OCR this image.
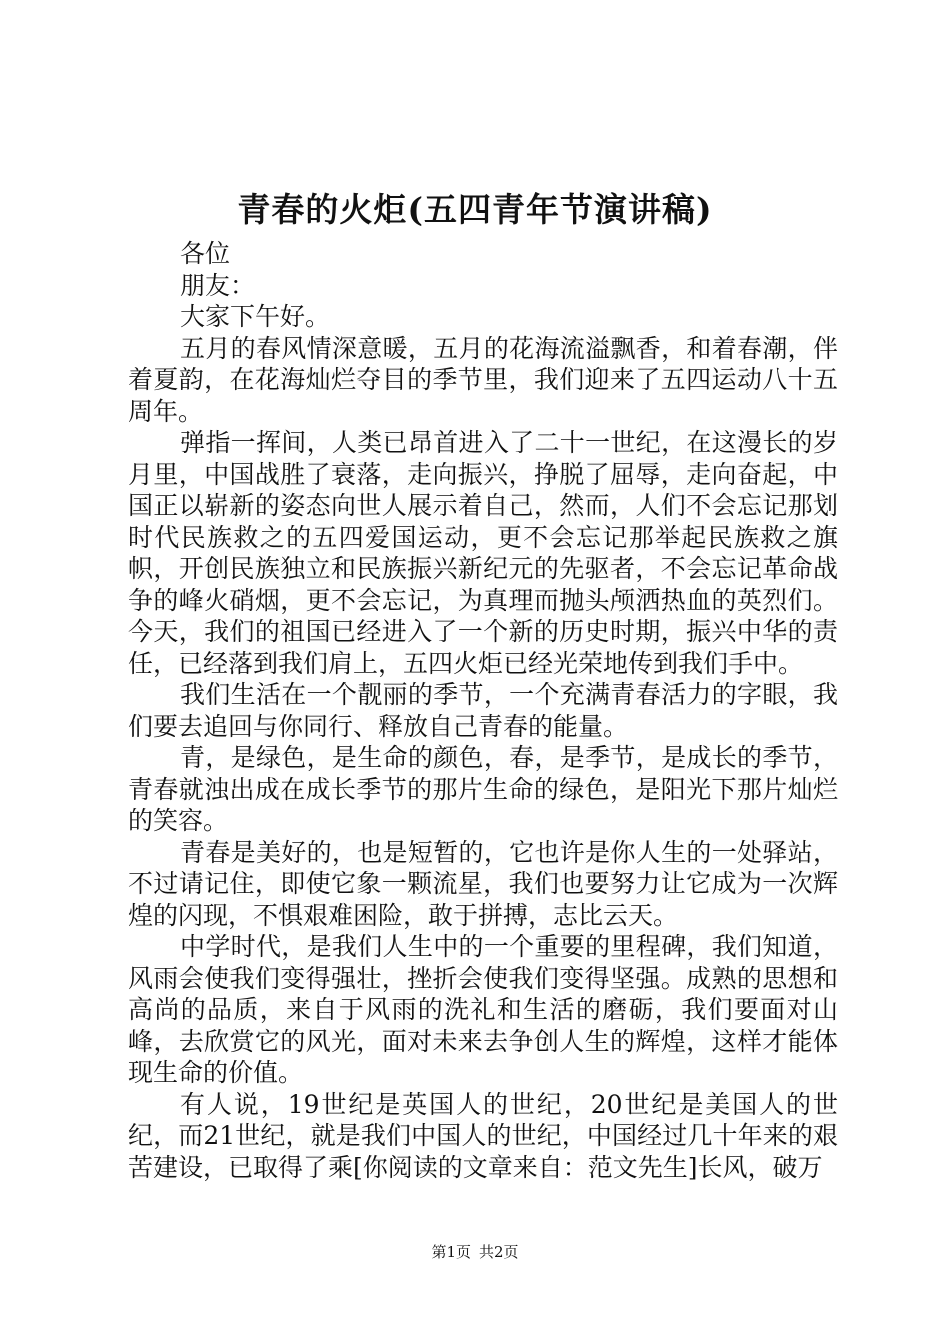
青春的火炬(五四青年节演讲稿)

各位

朋友：

大家下午好。

五月的春风情深意暖，五月的花海流溢飘香，和着春潮，伴着夏韵，在花海灿烂夺目的季节里，我们迎来了五四运动八十五周年。

弹指一挥间，人类已昂首进入了二十一世纪，在这漫长的岁月里，中国战胜了衰落，走向振兴，挣脱了屈辱，走向奋起，中国正以崭新的姿态向世人展示着自己，然而，人们不会忘记那划时代民族救之的五四爱国运动，更不会忘记那举起民族救之旗帜，开创民族独立和民族振兴新纪元的先驱者，不会忘记革命战争的峰火硝烟，更不会忘记，为真理而抛头颅洒热血的英烈们。今天，我们的祖国已经进入了一个新的历史时期，振兴中华的责任，已经落到我们肩上，五四火炬已经光荣地传到我们手中。

我们生活在一个靓丽的季节，一个充满青春活力的字眼，我们要去追回与你同行、释放自己青春的能量。

青，是绿色，是生命的颜色，春，是季节，是成长的季节，青春就浊出成在成长季节的那片生命的绿色，是阳光下那片灿烂的笑容。

青春是美好的，也是短暂的，它也许是你人生的一处驿站，不过请记住，即使它象一颗流星，我们也要努力让它成为一次辉煌的闪现，不惧艰难困险，敢于拼搏，志比云天。

中学时代，是我们人生中的一个重要的里程碑，我们知道，风雨会使我们变得强壮，挫折会使我们变得坚强。成熟的思想和高尚的品质，来自于风雨的洗礼和生活的磨砺，我们要面对山峰，去欣赏它的风光，面对未来去争创人生的辉煌，这样才能体现生命的价值。

有人说，19世纪是英国人的世纪，20世纪是美国人的世纪，而21世纪，就是我们中国人的世纪，中国经过几十年来的艰苦建设，已取得了乘[你阅读的文章来自：范文先生]长风，破万

第1页 共2页
